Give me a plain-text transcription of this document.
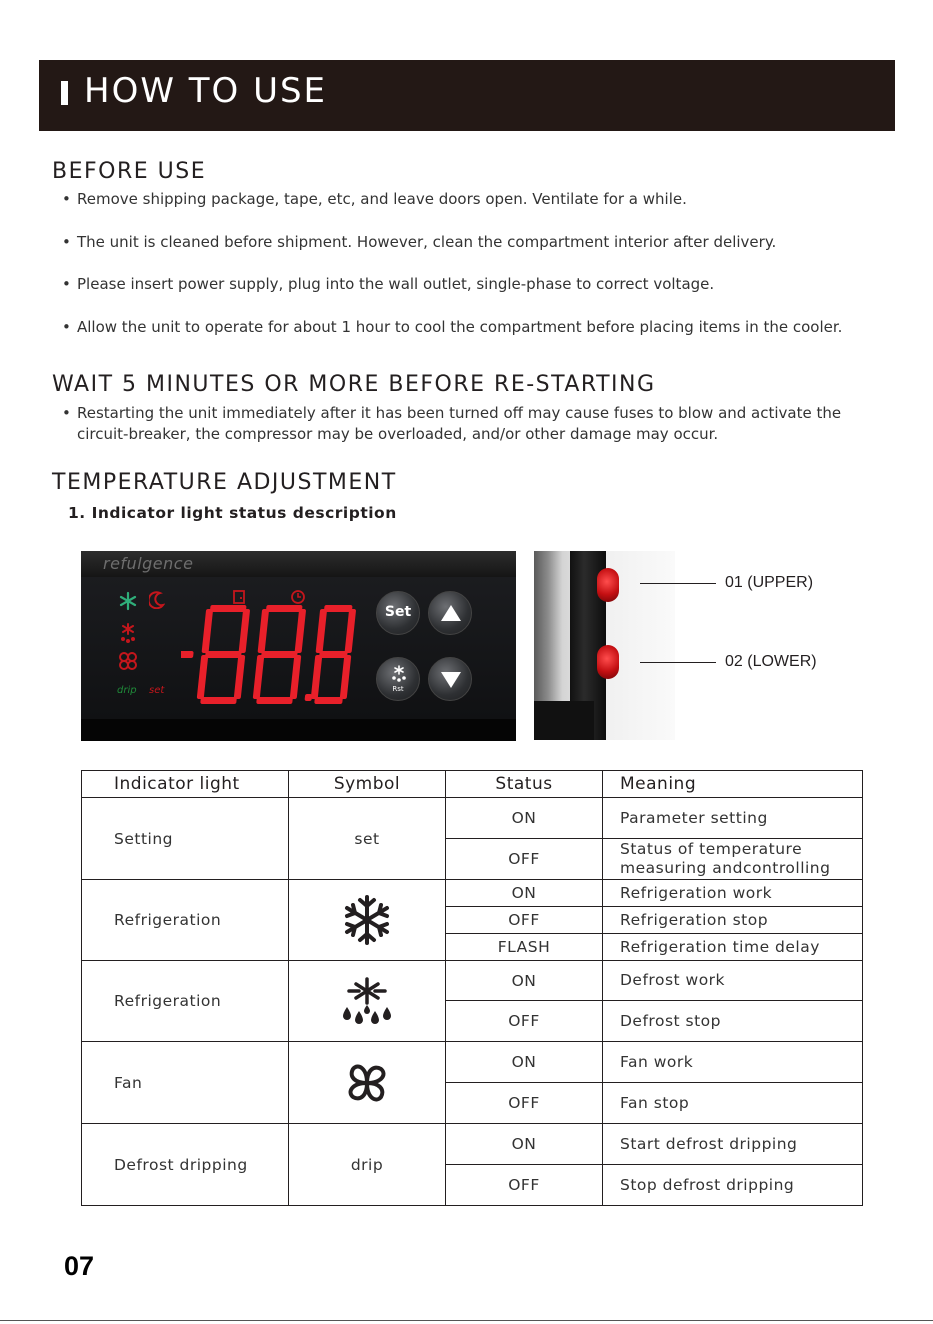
HOW TO USE
BEFORE USE
• Remove shipping package, tape, etc, and leave doors open. Ventilate for a while.
• The unit is cleaned before shipment. However, clean the compartment interior after delivery.
• Please insert power supply, plug into the wall outlet, single-phase to correct voltage.
• Allow the unit to operate for about 1 hour to cool the compartment before placing items in the cooler.
WAIT 5 MINUTES OR MORE BEFORE RE-STARTING
• Restarting the unit immediately after it has been turned off may cause fuses to blow and activate the circuit-breaker, the compressor may be overloaded, and/or other damage may occur.
TEMPERATURE ADJUSTMENT
1. Indicator light status description
refulgence
drip set
Set
Rst
01 (UPPER)
02 (LOWER)
Indicator light	Symbol	Status	Meaning
Setting	set	ON	Parameter setting
		OFF	Status of temperature measuring andcontrolling
Refrigeration		ON	Refrigeration work
		OFF	Refrigeration stop
		FLASH	Refrigeration time delay
Refrigeration		ON	Defrost work
		OFF	Defrost stop
Fan		ON	Fan work
		OFF	Fan stop
Defrost dripping	drip	ON	Start defrost dripping
		OFF	Stop defrost dripping
07
